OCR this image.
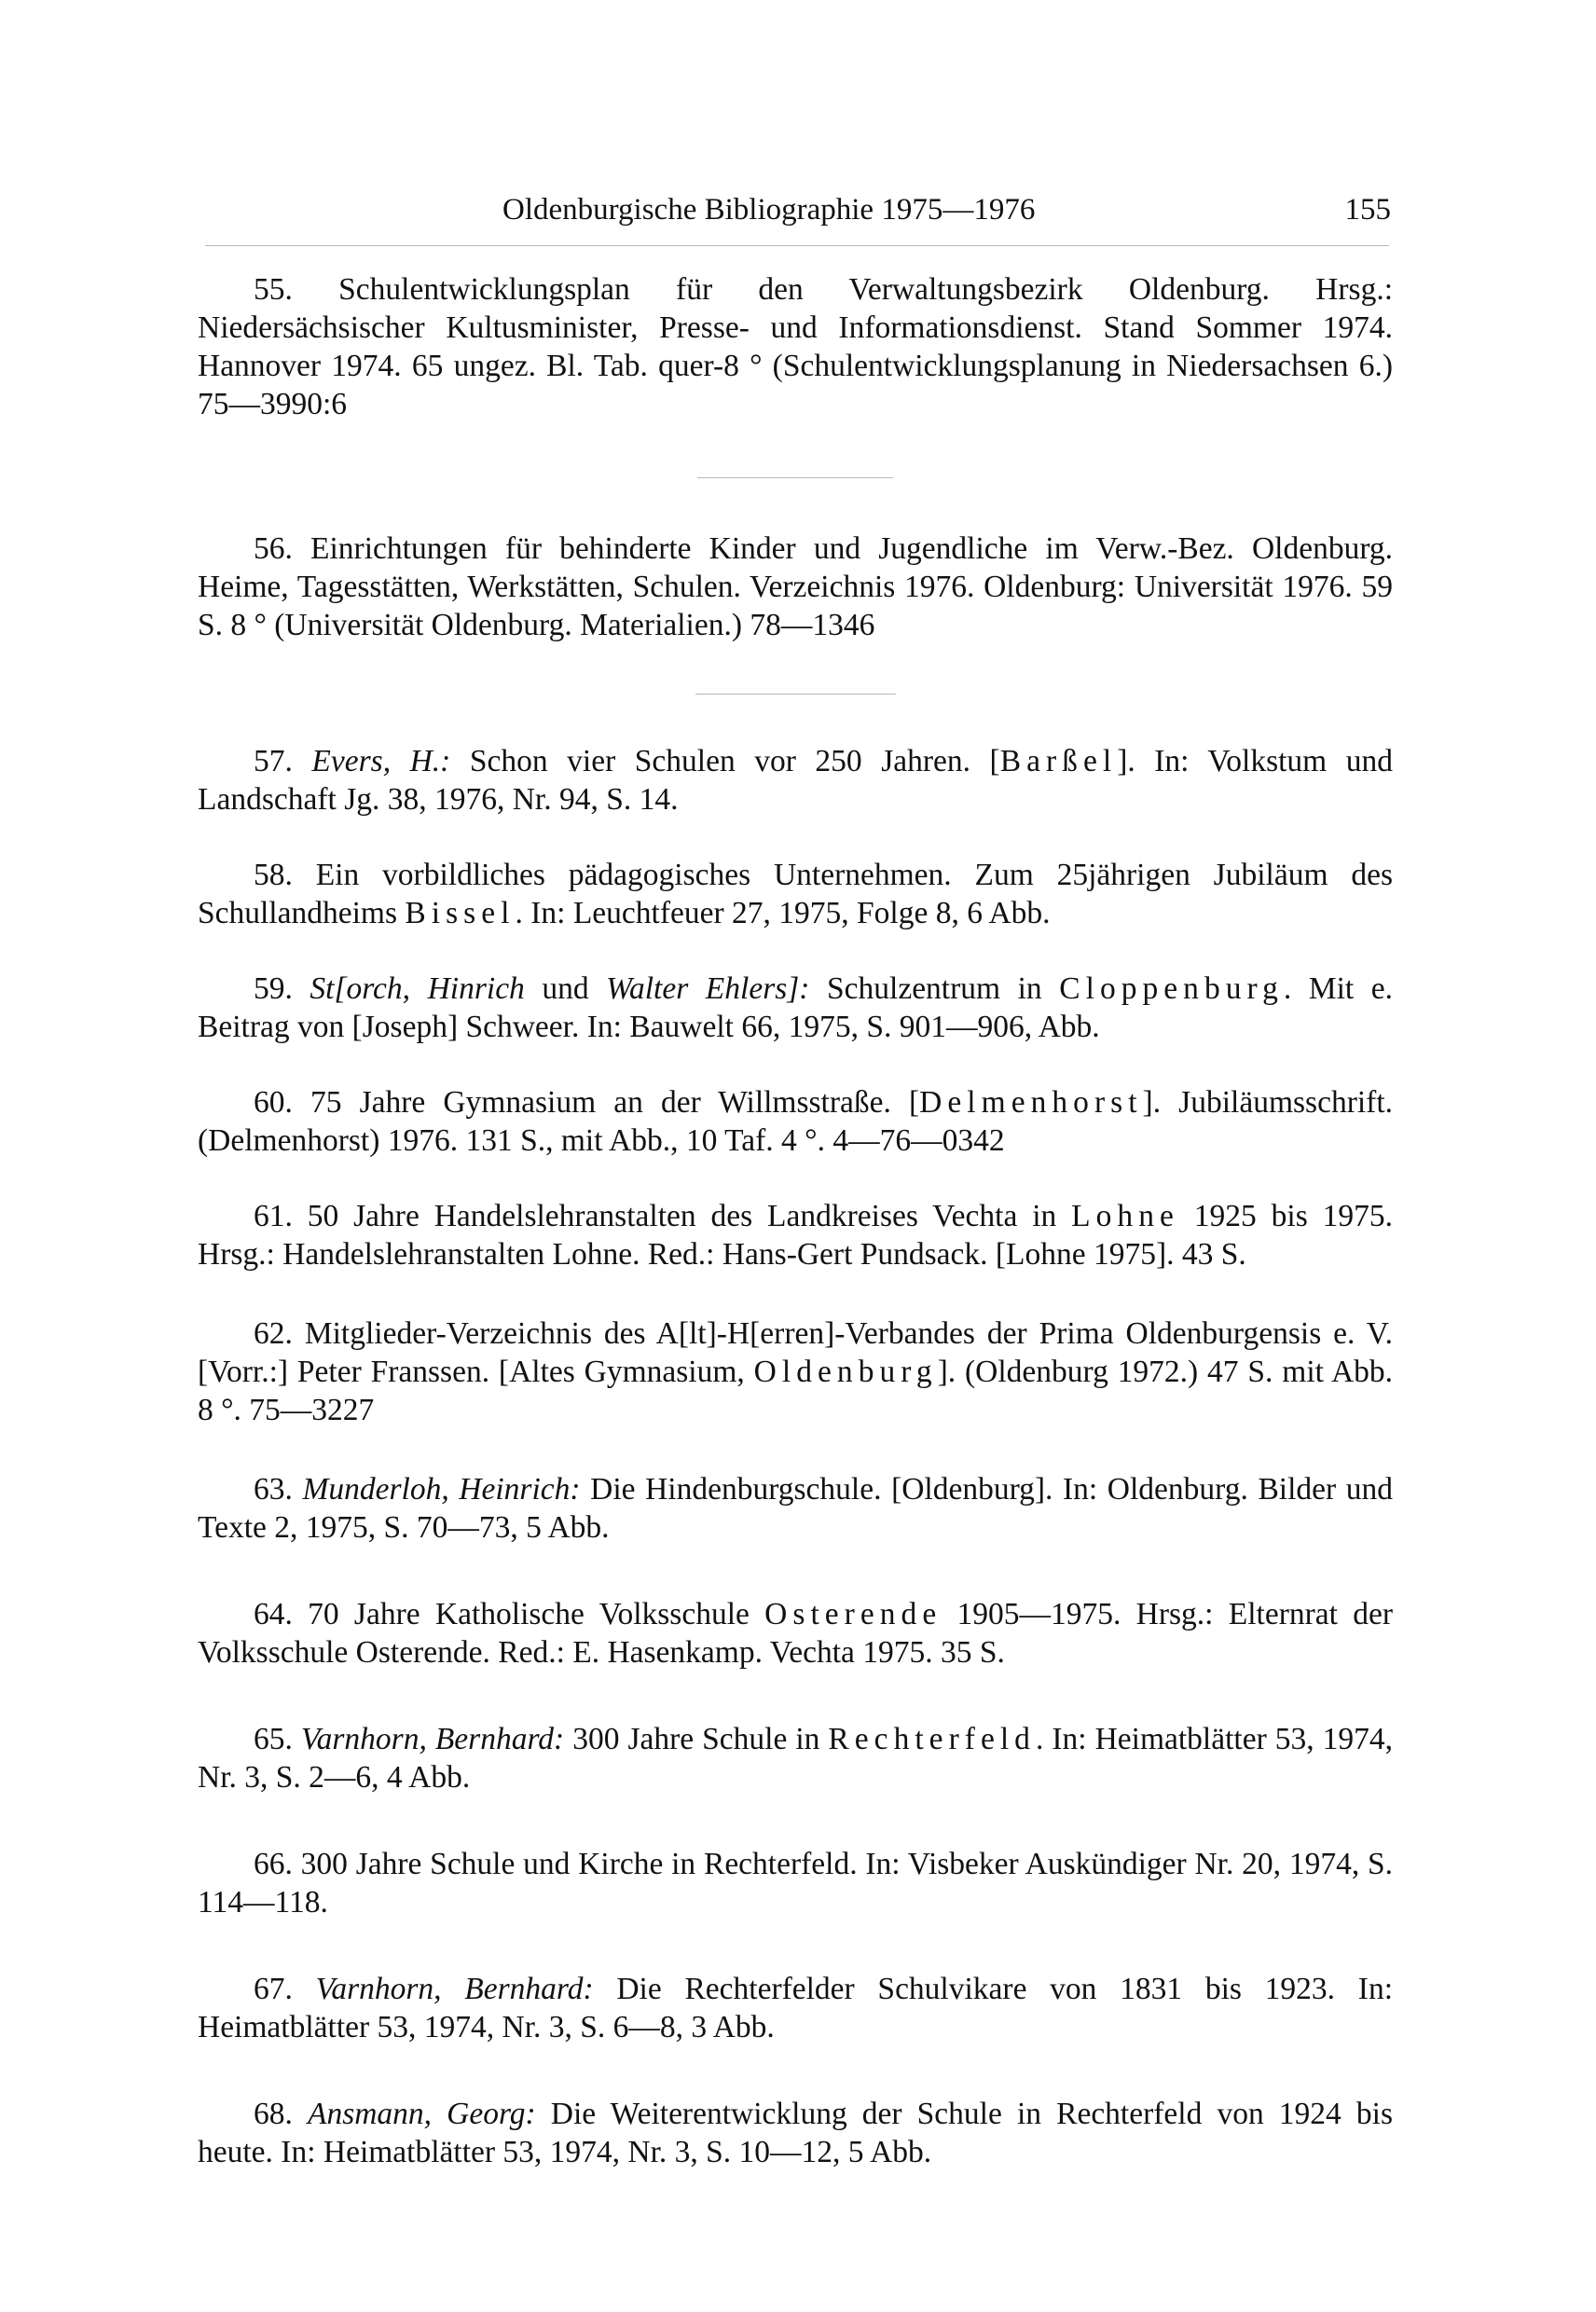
Oldenburgische Bibliographie 1975—1976	155

55. Schulentwicklungsplan für den Verwaltungsbezirk Oldenburg. Hrsg.: Niedersächsischer Kultusminister, Presse- und Informationsdienst. Stand Sommer 1974. Hannover 1974. 65 ungez. Bl. Tab. quer-8 ° (Schulentwicklungsplanung in Niedersachsen 6.) 75—3990:6

56. Einrichtungen für behinderte Kinder und Jugendliche im Verw.-Bez. Oldenburg. Heime, Tagesstätten, Werkstätten, Schulen. Verzeichnis 1976. Oldenburg: Universität 1976. 59 S. 8 ° (Universität Oldenburg. Materialien.) 78—1346

57. Evers, H.: Schon vier Schulen vor 250 Jahren. [Barßel]. In: Volkstum und Landschaft Jg. 38, 1976, Nr. 94, S. 14.

58. Ein vorbildliches pädagogisches Unternehmen. Zum 25jährigen Jubiläum des Schullandheims Bissel. In: Leuchtfeuer 27, 1975, Folge 8, 6 Abb.

59. St[orch, Hinrich und Walter Ehlers]: Schulzentrum in Cloppenburg. Mit e. Beitrag von [Joseph] Schweer. In: Bauwelt 66, 1975, S. 901—906, Abb.

60. 75 Jahre Gymnasium an der Willmsstraße. [Delmenhorst]. Jubiläumsschrift. (Delmenhorst) 1976. 131 S., mit Abb., 10 Taf. 4 °. 4—76—0342

61. 50 Jahre Handelslehranstalten des Landkreises Vechta in Lohne 1925 bis 1975. Hrsg.: Handelslehranstalten Lohne. Red.: Hans-Gert Pundsack. [Lohne 1975]. 43 S.

62. Mitglieder-Verzeichnis des A[lt]-H[erren]-Verbandes der Prima Oldenburgensis e. V. [Vorr.:] Peter Franssen. [Altes Gymnasium, Oldenburg]. (Oldenburg 1972.) 47 S. mit Abb. 8 °. 75—3227

63. Munderloh, Heinrich: Die Hindenburgschule. [Oldenburg]. In: Oldenburg. Bilder und Texte 2, 1975, S. 70—73, 5 Abb.

64. 70 Jahre Katholische Volksschule Osterende 1905—1975. Hrsg.: Elternrat der Volksschule Osterende. Red.: E. Hasenkamp. Vechta 1975. 35 S.

65. Varnhorn, Bernhard: 300 Jahre Schule in Rechterfeld. In: Heimatblätter 53, 1974, Nr. 3, S. 2—6, 4 Abb.

66. 300 Jahre Schule und Kirche in Rechterfeld. In: Visbeker Auskündiger Nr. 20, 1974, S. 114—118.

67. Varnhorn, Bernhard: Die Rechterfelder Schulvikare von 1831 bis 1923. In: Heimatblätter 53, 1974, Nr. 3, S. 6—8, 3 Abb.

68. Ansmann, Georg: Die Weiterentwicklung der Schule in Rechterfeld von 1924 bis heute. In: Heimatblätter 53, 1974, Nr. 3, S. 10—12, 5 Abb.
